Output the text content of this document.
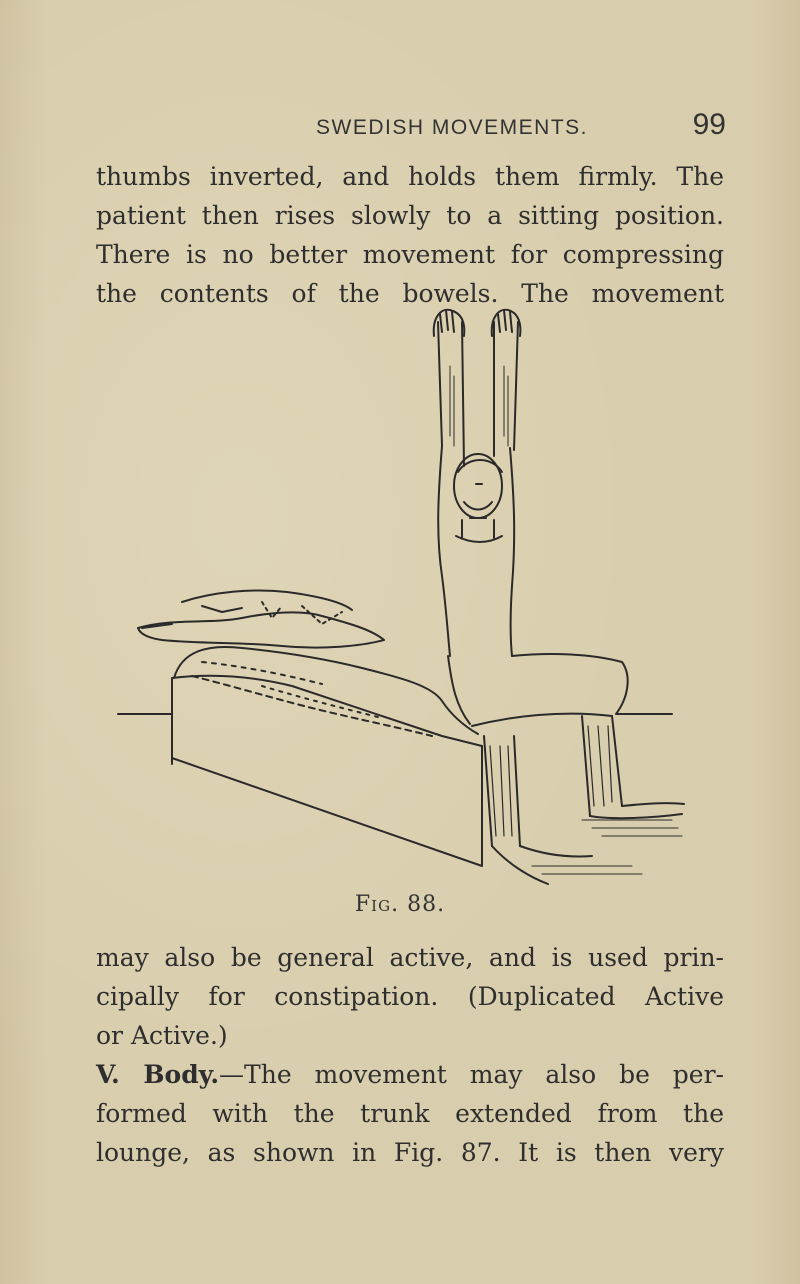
SWEDISH MOVEMENTS.	99
thumbs inverted, and holds them firmly. The
patient then rises slowly to a sitting position.
There is no better movement for compressing
the contents of the bowels. The movement
Fig. 88.
may also be general active, and is used prin-
cipally for constipation. (Duplicated Active
or Active.)
V. Body.—The movement may also be per-
formed with the trunk extended from the
lounge, as shown in Fig. 87. It is then very
